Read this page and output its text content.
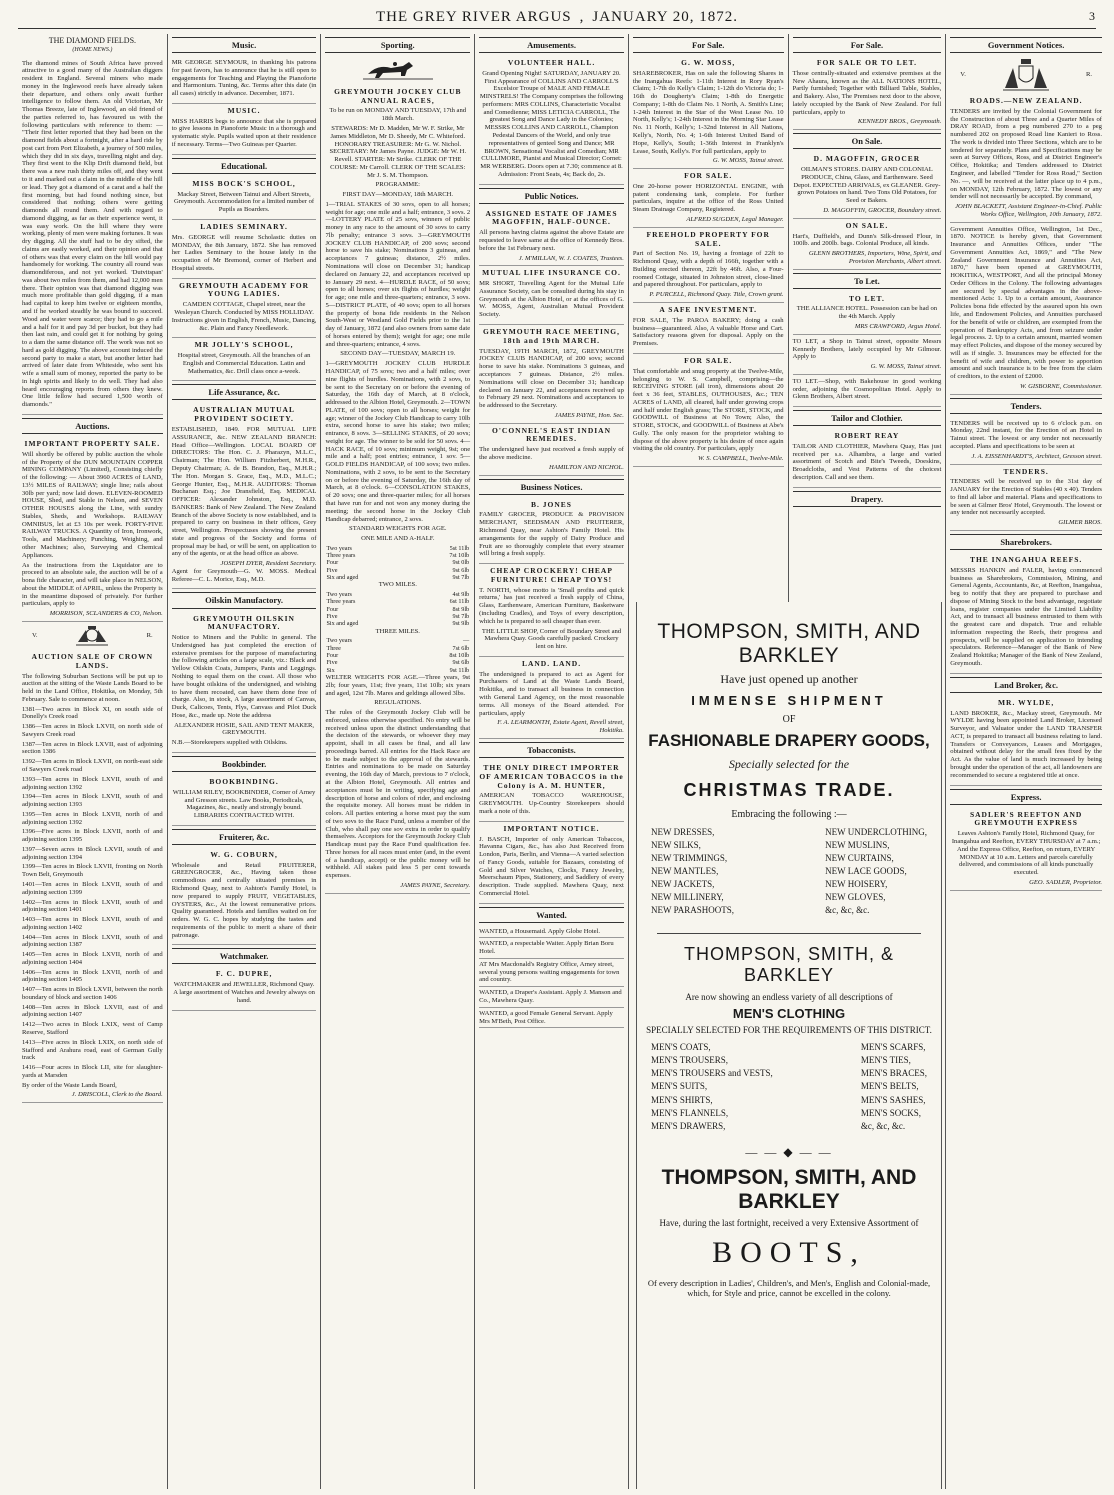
THE GREY RIVER ARGUS , JANUARY 20, 1872.	3
THE DIAMOND FIELDS.
(HOME NEWS.)

The diamond mines of South Africa have proved attractive to a good many of the Australian diggers resident in England. Several miners who made money in the Inglewood reefs have already taken their departure, and others only await further intelligence to follow them. An old Victorian, Mr Thomas Breeze, late of Inglewood, an old friend of the parties referred to, has favoured us with the following particulars with reference to them: — "Their first letter reported that they had been on the diamond fields about a fortnight, after a hard ride by post cart from Port Elizabeth, a journey of 500 miles, which they did in six days, travelling night and day. They first went to the Klip Drift diamond field, but there was a new rush thirty miles off, and they went to it and marked out a claim in the middle of the hill or lead. They got a diamond of a carat and a half the first morning, but had found nothing since, but considered that nothing; others were getting diamonds all round them. And with regard to diamond digging, as far as their experience went, it was easy work. On the hill where they were working, plenty of men were making fortunes. It was dry digging. All the stuff had to be dry sifted, the claims are easily worked, and their opinion and that of others was that every claim on the hill would pay handsomely for working. The country all round was diamondiferous, and not yet worked. 'Dutvitspan' was about two miles from them, and had 12,000 men there. Their opinion was that diamond digging was much more profitable than gold digging, if a man had capital to keep him twelve or eighteen months, and if he worked steadily he was bound to succeed. Wood and water were scarce; they had to go a mile and a half for it and pay 3d per bucket, but they had then last rain, and could get it for nothing by going to a dam the same distance off. The work was not so hard as gold digging. The above account induced the second party to make a start, but another letter had arrived of later date from Whiteside, who sent his wife a small sum of money, reported the party to be in high spirits and likely to do well. They had also heard encouraging reports from others they knew. One little fellow had secured 1,500 worth of diamonds."

Auctions.
IMPORTANT PROPERTY SALE.

Will shortly be offered by public auction the whole of the Property of the DUN MOUNTAIN COPPER MINING COMPANY (Limited), Consisting chiefly of the following: — About 3960 ACRES of LAND, 13½ MILES of RAILWAY; single line; rails about 30lb per yard; now laid down. ELEVEN-ROOMED HOUSE, Shed, and Stable in Nelson, and SEVEN OTHER HOUSES along the Line, with sundry Stables, Sheds, and Workshops. RAILWAY OMNIBUS, let at £3 10s per week. FORTY-FIVE RAILWAY TRUCKS. A Quantity of Iron, Ironwork, Tools, and Machinery; Punching, Weighing, and other Machines; also, Surveying and Chemical Appliances.

As the instructions from the Liquidator are to proceed to an absolute sale, the auction will be of a bona fide character, and will take place in NELSON, about the MIDDLE of APRIL, unless the Property is in the meantime disposed of privately. For further particulars, apply to

MORRISON, SCLANDERS & CO, Nelson.
V.	R.
AUCTION SALE OF CROWN LANDS.

The following Suburban Sections will be put up to auction at the sitting of the Waste Lands Board to be held in the Land Office, Hokitika, on Monday, 5th February. Sale to commence at noon.

1381—Two acres in Block XI, on south side of Donelly's Creek road

1386—Ten acres in Block LXVII, on north side of Sawyers Creek road

1387—Ten acres in Block LXVII, east of adjoining section 1386

1392—Ten acres in Block LXVII, on north-east side of Sawyers Creek road

1393—Ten acres in Block LXVII, south of and adjoining section 1392

1394—Ten acres in Block LXVII, south of and adjoining section 1393

1395—Ten acres in Block LXVII, north of and adjoining section 1392

1396—Five acres in Block LXVII, north of and adjoining section 1395

1397—Seven acres in Block LXVII, south of and adjoining section 1394

1399—Ten acres in Block LXVII, fronting on North Town Belt, Greymouth

1401—Ten acres in Block LXVII, south of and adjoining section 1399

1402—Ten acres in Block LXVII, south of and adjoining section 1401

1403—Ten acres in Block LXVII, south of and adjoining section 1402

1404—Ten acres in Block LXVII, south of and adjoining section 1387

1405—Ten acres in Block LXVII, north of and adjoining section 1404

1406—Ten acres in Block LXVII, north of and adjoining section 1405

1407—Ten acres in Block LXVII, between the north boundary of block and section 1406

1408—Ten acres in Block LXVII, east of and adjoining section 1407

1412—Two acres in Block LXIX, west of Camp Reserve, Stafford

1413—Five acres in Block LXIX, on north side of Stafford and Arahura road, east of German Gully track

1416—Four acres in Block LII, site for slaughter-yards at Marsden

By order of the Waste Lands Board,

J. DRISCOLL, Clerk to the Board.
Music.

MR GEORGE SEYMOUR, in thanking his patrons for past favors, has to announce that he is still open to engagements for Teaching and Playing the Pianoforte and Harmonium. Tuning, &c. Terms after this date (in all cases) strictly in advance. December, 1871.

MUSIC.

MISS HARRIS begs to announce that she is prepared to give lessons in Pianoforte Music in a thorough and systematic style. Pupils waited upon at their residence if necessary. Terms—Two Guineas per Quarter.

Educational.
MISS BOCK'S SCHOOL,

Mackay Street, Between Tainui and Albert Streets, Greymouth. Accommodation for a limited number of Pupils as Boarders.

LADIES SEMINARY.

Mrs. GEORGE will resume Scholastic duties on MONDAY, the 8th January, 1872. She has removed her Ladies Seminary to the house lately in the occupation of Mr Bremond, corner of Herbert and Hospital streets.

GREYMOUTH ACADEMY FOR YOUNG LADIES.

CAMDEN COTTAGE, Chapel street, near the Wesleyan Church. Conducted by MISS HOLLIDAY. Instructions given in English, French, Music, Dancing, &c. Plain and Fancy Needlework.

MR JOLLY'S SCHOOL,

Hospital street, Greymouth. All the branches of an English and Commercial Education. Latin and Mathematics, &c. Drill class once a-week.

Life Assurance, &c.
AUSTRALIAN MUTUAL PROVIDENT SOCIETY.

ESTABLISHED, 1849. FOR MUTUAL LIFE ASSURANCE, &c. NEW ZEALAND BRANCH: Head Office—Wellington. LOCAL BOARD OF DIRECTORS: The Hon. C. J. Pharazyn, M.L.C., Chairman; The Hon. William Fitzherbert, M.H.R., Deputy Chairman; A. de B. Brandon, Esq., M.H.R.; The Hon. Morgan S. Grace, Esq., M.D., M.L.C.; George Hunter, Esq., M.H.R. AUDITORS: Thomas Buchanan Esq.; Joe Dransfield, Esq. MEDICAL OFFICER: Alexander Johnston, Esq., M.D. BANKERS: Bank of New Zealand. The New Zealand Branch of the above Society is now established, and is prepared to carry on business in their offices, Grey street, Wellington. Prospectuses showing the present state and progress of the Society and forms of proposal may be had, or will be sent, on application to any of the agents, or at the head office as above.

JOSEPH DYER, Resident Secretary.

Agent for Greymouth—G. W. MOSS. Medical Referee—C. L. Morice, Esq., M.D.

Oilskin Manufactory.
GREYMOUTH OILSKIN MANUFACTORY.

Notice to Miners and the Public in general. The Undersigned has just completed the erection of extensive premises for the purpose of manufacturing the following articles on a large scale, viz.: Black and Yellow Oilskin Coats, Jumpers, Pants and Leggings. Nothing to equal them on the coast. All those who have bought oilskins of the undersigned, and wishing to have them recoated, can have them done free of charge. Also, in stock, A large assortment of Canvas, Duck, Calicoes, Tents, Flys, Canvass and Pilot Duck Hose, &c., made up. Note the address

ALEXANDER HOSIE, SAIL AND TENT MAKER, GREYMOUTH.

N.B.—Storekeepers supplied with Oilskins.

Bookbinder.
BOOKBINDING.

WILLIAM RILEY, BOOKBINDER, Corner of Arney and Gresson streets. Law Books, Periodicals, Magazines, &c., neatly and strongly bound. LIBRARIES CONTRACTED WITH.

Fruiterer, &c.
W. G. COBURN,

Wholesale and Retail FRUITERER, GREENGROCER, &c., Having taken those commodious and centrally situated premises in Richmond Quay, next to Ashton's Family Hotel, is now prepared to supply FRUIT, VEGETABLES, OYSTERS, &c., At the lowest remunerative prices. Quality guaranteed. Hotels and families waited on for orders. W. G. C. hopes by studying the tastes and requirements of the public to merit a share of their patronage.

Watchmaker.
F. C. DUPRE,

WATCHMAKER and JEWELLER, Richmond Quay. A large assortment of Watches and Jewelry always on hand.

Sporting.
GREYMOUTH JOCKEY CLUB ANNUAL RACES,

To be run on MONDAY AND TUESDAY, 17th and 18th March.

STEWARDS: Mr D. Madden, Mr W. F. Strike, Mr James Middleton, Mr D. Sheedy, Mr C. Whiteford. HONORARY TREASURER: Mr G. W. Nichol. SECRETARY: Mr James Payne. JUDGE: Mr W. H. Revell. STARTER: Mr Strike. CLERK OF THE COURSE: Mr Carroll. CLERK OF THE SCALES: Mr J. S. M. Thompson.

PROGRAMME:

FIRST DAY—MONDAY, 18th MARCH.

1—TRIAL STAKES of 30 sovs, open to all horses; weight for age; one mile and a half; entrance, 3 sovs. 2—LOTTERY PLATE of 25 sovs, winners of public money in any race to the amount of 30 sovs to carry 7lb penalty; entrance 3 sovs. 3—GREYMOUTH JOCKEY CLUB HANDICAP, of 200 sovs; second horse to save his stake; Nominations 3 guineas, and acceptances 7 guineas; distance, 2½ miles. Nominations will close on December 31; handicap declared on January 22, and acceptances received up to January 29 next. 4—HURDLE RACE, of 50 sovs; open to all horses; over six flights of hurdles; weight for age; one mile and three-quarters; entrance, 3 sovs. 5—DISTRICT PLATE, of 40 sovs; open to all horses the property of bona fide residents in the Nelson South-West or Westland Gold Fields prior to the 1st day of January, 1872 (and also owners from same date of horses entered by them); weight for age; one mile and three-quarters; entrance, 4 sovs.

SECOND DAY—TUESDAY, MARCH 19.

1—GREYMOUTH JOCKEY CLUB HURDLE HANDICAP, of 75 sovs; two and a half miles; over nine flights of hurdles. Nominations, with 2 sovs, to be sent to the Secretary on or before the evening of Saturday, the 16th day of March, at 8 o'clock, addressed to the Albion Hotel, Greymouth. 2—TOWN PLATE, of 100 sovs; open to all horses; weight for age; winner of the Jockey Club Handicap to carry 10lb extra, second horse to save his stake; two miles; entrance, 8 sovs. 3—SELLING STAKES, of 20 sovs; weight for age. The winner to be sold for 50 sovs. 4—HACK RACE, of 10 sovs; minimum weight, 9st; one mile and a half; post entries; entrance, 1 sov. 5—GOLD FIELDS HANDICAP, of 100 sovs; two miles. Nominations, with 2 sovs, to be sent to the Secretary on or before the evening of Saturday, the 16th day of March, at 8 o'clock. 6—CONSOLATION STAKES, of 20 sovs; one and three-quarter miles; for all horses that have run for and not won any money during the meeting; the second horse in the Jockey Club Handicap debarred; entrance, 2 sovs.

STANDARD WEIGHTS FOR AGE.

ONE MILE AND A-HALF.

Two years	5st 11lb
Three years	7st 10lb
Four	9st 0lb
Five	9st 6lb
Six and aged	9st 7lb

TWO MILES.

Two years	4st 9lb
Three years	6st 11lb
Four	8st 9lb
Five	9st 7lb
Six and aged	9st 9lb

THREE MILES.

Two years	—
Three	7st 6lb
Four	8st 10lb
Five	9st 6lb
Six	9st 11lb

WELTER WEIGHTS FOR AGE.—Three years, 9st 2lb; four years, 11st; five years, 11st 10lb; six years and aged, 12st 7lb. Mares and geldings allowed 3lbs.

REGULATIONS.

The rules of the Greymouth Jockey Club will be enforced, unless otherwise specified. No entry will be received unless upon the distinct understanding that the decision of the stewards, or whoever they may appoint, shall in all cases be final, and all law proceedings barred. All entries for the Hack Race are to be made subject to the approval of the stewards. Entries and nominations to be made on Saturday evening, the 16th day of March, previous to 7 o'clock, at the Albion Hotel, Greymouth. All entries and acceptances must be in writing, specifying age and description of horse and colors of rider, and enclosing the requisite money. All horses must be ridden in colors. All parties entering a horse must pay the sum of two sovs to the Race Fund, unless a member of the Club, who shall pay one sov extra in order to qualify themselves. Acceptors for the Greymouth Jockey Club Handicap must pay the Race Fund qualification fee. Three horses for all races must enter (and, in the event of a handicap, accept) or the public money will be withheld. All stakes paid less 5 per cent towards expenses.

JAMES PAYNE, Secretary.
Amusements.
VOLUNTEER HALL.

Grand Opening Night! SATURDAY, JANUARY 20. First Appearance of COLLINS AND CARROLL'S Excelsior Troupe of MALE AND FEMALE MINSTRELS! The Company comprises the following performers: MRS COLLINS, Characteristic Vocalist and Comedienne; MISS LETICIA CARROLL, The greatest Song and Dance Lady in the Colonies; MESSRS COLLINS AND CARROLL, Champion Pedestal Dancers of the World, and only true representatives of genteel Song and Dance; MR BROWN, Sensational Vocalist and Comedian; MR CULLIMORE, Pianist and Musical Director; Cornet: MR WERBERG. Doors open at 7.30; commence at 8. Admission: Front Seats, 4s; Back do, 2s.

Public Notices.
ASSIGNED ESTATE OF JAMES MAGOFFIN, HALF-OUNCE.

All persons having claims against the above Estate are requested to leave same at the office of Kennedy Bros. before the 1st February next.

J. M'MILLAN, W. J. COATES, Trustees.
MUTUAL LIFE INSURANCE CO.

MR SHORT, Travelling Agent for the Mutual Life Assurance Society, can be consulted during his stay in Greymouth at the Albion Hotel, or at the offices of G. W. MOSS, Agent, Australian Mutual Provident Society.

GREYMOUTH RACE MEETING, 18th and 19th MARCH.

TUESDAY, 19TH MARCH, 1872, GREYMOUTH JOCKEY CLUB HANDICAP, of 200 sovs; second horse to save his stake. Nominations 3 guineas, and acceptances 7 guineas. Distance, 2½ miles. Nominations will close on December 31; handicap declared on January 22, and acceptances received up to February 29 next. Nominations and acceptances to be addressed to the Secretary.

JAMES PAYNE, Hon. Sec.
O'CONNEL'S EAST INDIAN REMEDIES.

The undersigned have just received a fresh supply of the above medicine.

HAMILTON AND NICHOL.
Business Notices.
B. JONES

FAMILY GROCER, PRODUCE & PROVISION MERCHANT, SEEDSMAN AND FRUITERER, Richmond Quay, near Ashton's Family Hotel. His arrangements for the supply of Dairy Produce and Fruit are so thoroughly complete that every steamer will bring a fresh supply.

CHEAP CROCKERY! CHEAP FURNITURE! CHEAP TOYS!

T. NORTH, whose motto is 'Small profits and quick returns,' has just received a fresh supply of China, Glass, Earthenware, American Furniture, Basketware (including Cradles), and Toys of every description, which he is prepared to sell cheaper than ever.

THE LITTLE SHOP, Corner of Boundary Street and Mawhera Quay. Goods carefully packed. Crockery lent on hire.

LAND. LAND.

The undersigned is prepared to act as Agent for Purchasers of Land at the Waste Lands Board, Hokitika, and to transact all business in connection with General Land Agency, on the most reasonable terms. All moneys of the Board attended. For particulars, apply

F. A. LEARMONTH, Estate Agent, Revell street, Hokitika.
Tobacconists.
THE ONLY DIRECT IMPORTER OF AMERICAN TOBACCOS in the Colony is A. M. HUNTER,

AMERICAN TOBACCO WAREHOUSE, GREYMOUTH. Up-Country Storekeepers should mark a note of this.

IMPORTANT NOTICE.

J. BASCH, Importer of only American Tobaccos, Havanna Cigars, &c., has also Just Received from London, Paris, Berlin, and Vienna—A varied selection of Fancy Goods, suitable for Bazaars, consisting of Gold and Silver Watches, Clocks, Fancy Jewelry, Meerschaum Pipes, Stationery, and Saddlery of every description. Trade supplied. Mawhera Quay, next Commercial Hotel.

Wanted.

WANTED, a Housemaid. Apply Globe Hotel.

WANTED, a respectable Waiter. Apply Brian Boru Hotel.

AT Mrs Macdonald's Registry Office, Arney street, several young persons waiting engagements for town and country.

WANTED, a Draper's Assistant. Apply J. Manson and Co., Mawhera Quay.

WANTED, a good Female General Servant. Apply Mrs M'Beth, Post Office.

For Sale.
G. W. MOSS,

SHAREBROKER, Has on sale the following Shares in the Inangahua Reefs: 1-11th Interest in Rory Ryan's Claim; 1-7th do Kelly's Claim; 1-12th do Victoria do; 1-16th do Dougherty's Claim; 1-8th do Energetic Company; 1-8th do Claim No. 1 North, A. Smith's Line; 1-24th Interest in the Star of the West Lease No. 10 North, Kelly's; 1-24th Interest in the Morning Star Lease No. 11 North, Kelly's; 1-32nd Interest in All Nations, Kelly's, North, No. 4; 1-6th Interest United Band of Hope, Kelly's, South; 1-36th Interest in Franklyn's Lease, South, Kelly's. For full particulars, apply to

G. W. MOSS, Tainui street.
FOR SALE.

One 20-horse power HORIZONTAL ENGINE, with patent condensing tank, complete. For further particulars, inquire at the office of the Ross United Steam Drainage Company, Registered.

ALFRED SUGDEN, Legal Manager.
FREEHOLD PROPERTY FOR SALE.

Part of Section No. 19, having a frontage of 22ft to Richmond Quay, with a depth of 166ft, together with a Building erected thereon, 22ft by 46ft. Also, a Four-roomed Cottage, situated in Johnston street, close-lined and papered throughout. For particulars, apply to

P. PURCELL, Richmond Quay. Title, Crown grant.
A SAFE INVESTMENT.

FOR SALE, The PAROA BAKERY; doing a cash business—guaranteed. Also, A valuable Horse and Cart. Satisfactory reasons given for disposal. Apply on the Premises.

FOR SALE.

That comfortable and snug property at the Twelve-Mile, belonging to W. S. Campbell, comprising—the RECEIVING STORE (all iron), dimensions about 20 feet x 36 feet, STABLES, OUTHOUSES, &c.; TEN ACRES of LAND, all cleared, half under growing crops and half under English grass; The STORE, STOCK, and GOODWILL of Business at No Town; Also, the STORE, STOCK, and GOODWILL of Business at Abe's Gully. The only reason for the proprietor wishing to dispose of the above property is his desire of once again visiting the old country. For particulars, apply

W. S. CAMPBELL, Twelve-Mile.
For Sale.
FOR SALE OR TO LET.

Those centrally-situated and extensive premises at the New Ahaura, known as the ALL NATIONS HOTEL, Partly furnished; Together with Billiard Table, Stables, and Bakery. Also, The Premises next door to the above, lately occupied by the Bank of New Zealand. For full particulars, apply to

KENNEDY BROS., Greymouth.
On Sale.
D. MAGOFFIN, GROCER

OILMAN'S STORES. DAIRY AND COLONIAL PRODUCE, China, Glass, and Earthenware. Seed Depot. EXPECTED ARRIVALS, ex GLEANER. Grey-grown Potatoes on hand. Two Tons Old Potatoes, for Seed or Bakers.

D. MAGOFFIN, GROCER, Boundary street.
ON SALE.

Hart's, Duffield's, and Dunn's Silk-dressed Flour, in 100lb. and 200lb. bags. Colonial Produce, all kinds.

GLENN BROTHERS, Importers, Wine, Spirit, and Provision Merchants, Albert street.
To Let.
TO LET.

THE ALLIANCE HOTEL. Possession can be had on the 4th March. Apply

MRS CRAWFORD, Argus Hotel.

TO LET, a Shop in Tainui street, opposite Messrs Kennedy Brothers, lately occupied by Mr Gilmour. Apply to

G. W. MOSS, Tainui street.

TO LET.—Shop, with Bakehouse in good working order, adjoining the Cosmopolitan Hotel. Apply to Glenn Brothers, Albert street.

Tailor and Clothier.
ROBERT REAY

TAILOR AND CLOTHIER, Mawhera Quay, Has just received per s.s. Alhambra, a large and varied assortment of Scotch and Bite's Tweeds, Doeskins, Broadcloths, and Vest Patterns of the choicest description. Call and see them.

Drapery.
Government Notices.
V.	R.
ROADS.—NEW ZEALAND.

TENDERS are invited by the Colonial Government for the Construction of about Three and a Quarter Miles of DRAY ROAD, from a peg numbered 270 to a peg numbered 202 on proposed Road line Kanieri to Ross. The work is divided into Three Sections, which are to be tendered for separately. Plans and Specifications may be seen at Survey Offices, Ross, and at District Engineer's Office, Hokitika; and Tenders addressed to District Engineer, and labelled "Tender for Ross Road," Section No. —, will be received at the latter place up to 4 p.m., on MONDAY, 12th February, 1872. The lowest or any tender will not necessarily be accepted. By command,

JOHN BLACKETT, Assistant Engineer-in-Chief. Public Works Office, Wellington, 10th January, 1872.

Government Annuities Office, Wellington, 1st Dec., 1870. NOTICE is hereby given, that Government Insurance and Annuities Offices, under "The Government Annuities Act, 1869," and "The New Zealand Government Insurance and Annuities Act, 1870," have been opened at GREYMOUTH, HOKITIKA, WESTPORT, And all the principal Money Order Offices in the Colony. The following advantages are secured by special advantages in the above-mentioned Acts: 1. Up to a certain amount, Assurance Policies bona fide effected by the assured upon his own life, and Endowment Policies, and Annuities purchased for the benefit of wife or children, are exempted from the operation of Bankruptcy Acts, and from seizure under legal process. 2. Up to a certain amount, married women may effect Policies, and dispose of the money secured by will as if single. 3. Insurances may be effected for the benefit of wife and children, with power to apportion amount and such insurance is to be free from the claim of creditors, to the extent of £2000.

W. GISBORNE, Commissioner.
Tenders.

TENDERS will be received up to 6 o'clock p.m. on Monday, 22nd instant, for the Erection of an Hotel in Tainui street. The lowest or any tender not necessarily accepted. Plans and specifications to be seen at

J. A. EISSENHARDT'S, Architect, Gresson street.
TENDERS.

TENDERS will be received up to the 31st day of JANUARY for the Erection of Stables (40 x 40). Tenders to find all labor and material. Plans and specifications to be seen at Gilmer Bros' Hotel, Greymouth. The lowest or any tender not necessarily accepted.

GILMER BROS.
Sharebrokers.
THE INANGAHUA REEFS.

MESSRS HANKIN and FALER, having commenced business as Sharebrokers, Commission, Mining, and General Agents, Accountants, &c, at Reefton, Inangahua, beg to notify that they are prepared to purchase and dispose of Mining Stock to the best advantage, negotiate loans, register companies under the Limited Liability Act, and to transact all business entrusted to them with the greatest care and dispatch. True and reliable information respecting the Reefs, their progress and prospects, will be supplied on application to intending speculators. Reference—Manager of the Bank of New Zealand Hokitika; Manager of the Bank of New Zealand, Greymouth.

Land Broker, &c.
MR. WYLDE,

LAND BROKER, &c., Mackay street, Greymouth. Mr WYLDE having been appointed Land Broker, Licensed Surveyor, and Valuator under the LAND TRANSFER ACT, is prepared to transact all business relating to land. Transfers or Conveyances, Leases and Mortgages, obtained without delay for the small fees fixed by the Act. As the value of land is much increased by being brought under the operation of the act, all landowners are recommended to secure a registered title at once.

Express.
SADLER'S REEFTON AND GREYMOUTH EXPRESS

Leaves Ashton's Family Hotel, Richmond Quay, for Inangahua and Reefton, EVERY THURSDAY at 7 a.m.; And the Express Office, Reefton, on return, EVERY MONDAY at 10 a.m. Letters and parcels carefully delivered, and commissions of all kinds punctually executed.

GEO. SADLER, Proprietor.
THOMPSON, SMITH, AND BARKLEY
Have just opened up another
IMMENSE SHIPMENT
OF
FASHIONABLE DRAPERY GOODS,
Specially selected for the
CHRISTMAS TRADE.
Embracing the following :—
NEW DRESSES,
NEW SILKS,
NEW TRIMMINGS,
NEW MANTLES,
NEW JACKETS,
NEW MILLINERY,
NEW PARASHOOTS,
NEW UNDERCLOTHING,
NEW MUSLINS,
NEW CURTAINS,
NEW LACE GOODS,
NEW HOISERY,
NEW GLOVES,
&c, &c, &c.
THOMPSON, SMITH, & BARKLEY
Are now showing an endless variety of all descriptions of
MEN'S CLOTHING
SPECIALLY SELECTED FOR THE REQUIREMENTS OF THIS DISTRICT.
MEN'S COATS,
MEN'S TROUSERS,
MEN'S TROUSERS and VESTS,
MEN'S SUITS,
MEN'S SHIRTS,
MEN'S FLANNELS,
MEN'S DRAWERS,
MEN'S SCARFS,
MEN'S TIES,
MEN'S BRACES,
MEN'S BELTS,
MEN'S SASHES,
MEN'S SOCKS,
&c, &c, &c.
— — ◆ — —
THOMPSON, SMITH, AND BARKLEY
Have, during the last fortnight, received a very Extensive Assortment of
BOOTS,
Of every description in Ladies', Children's, and Men's, English and Colonial-made, which, for Style and price, cannot be excelled in the colony.
